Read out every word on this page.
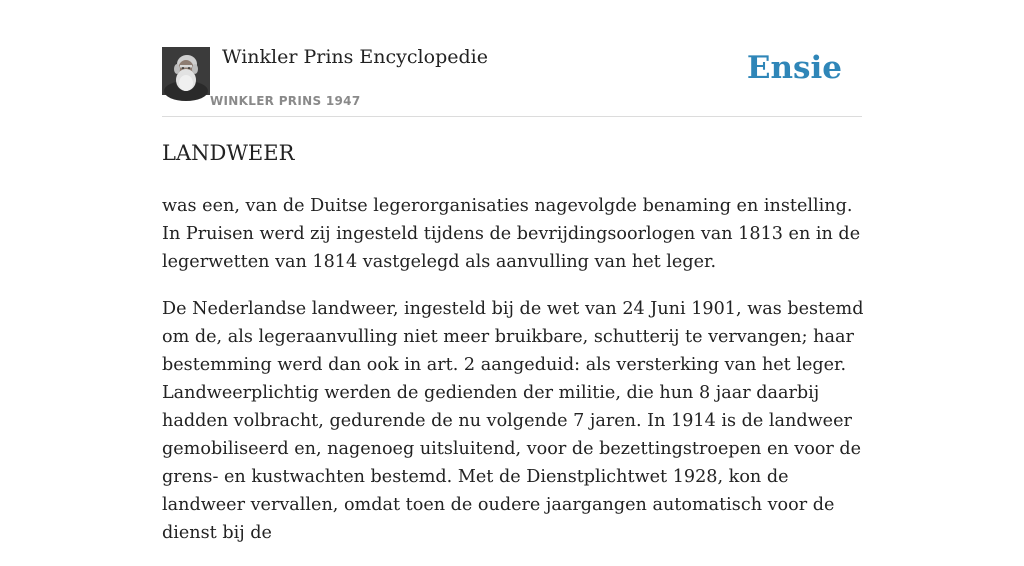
Winkler Prins Encyclopedie
WINKLER PRINS 1947
Ensie
LANDWEER

was een, van de Duitse legerorganisaties nagevolgde benaming en instelling. In Pruisen werd zij ingesteld tijdens de bevrijdingsoorlogen van 1813 en in de legerwetten van 1814 vastgelegd als aanvulling van het leger.

De Nederlandse landweer, ingesteld bij de wet van 24 Juni 1901, was bestemd om de, als legeraanvulling niet meer bruikbare, schutterij te vervangen; haar bestemming werd dan ook in art. 2 aangeduid: als versterking van het leger. Landweerplichtig werden de gedienden der militie, die hun 8 jaar daarbij hadden volbracht, gedurende de nu volgende 7 jaren. In 1914 is de landweer gemobiliseerd en, nagenoeg uitsluitend, voor de bezettingstroepen en voor de grens- en kustwachten bestemd. Met de Dienstplichtwet 1928, kon de landweer vervallen, omdat toen de oudere jaargangen automatisch voor de dienst bij de
